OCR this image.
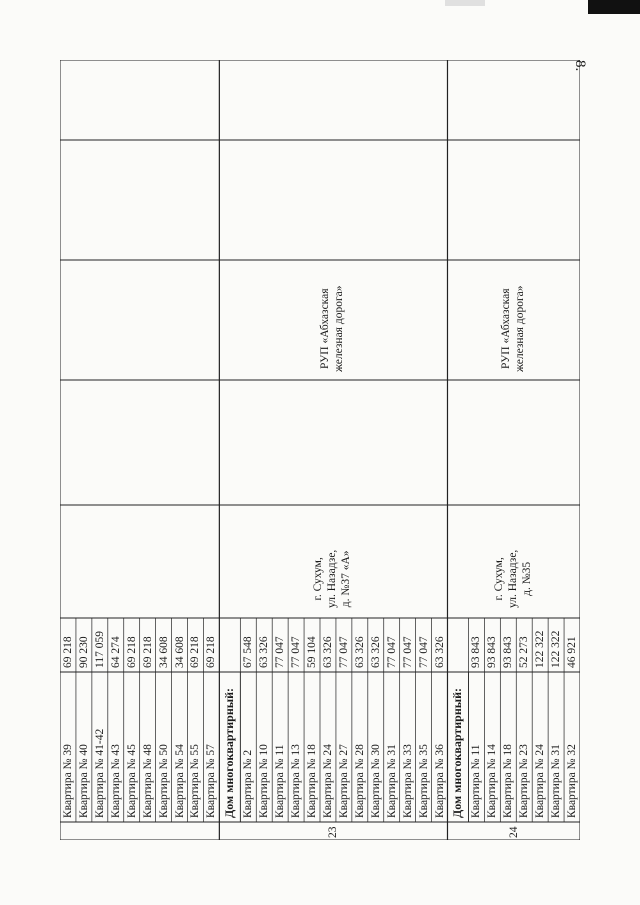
8.
Квартира № 39
69 218
Квартира № 40
90 230
Квартира № 41-42
117 059
Квартира № 43
64 274
Квартира № 45
69 218
Квартира № 48
69 218
Квартира № 50
34 608
Квартира № 54
34 608
Квартира № 55
69 218
Квартира № 57
69 218
Дом многоквартирный: Квартира № 2
67 548
Квартира № 10
63 326
Квартира № 11
77 047
Квартира № 13
77 047
Квартира № 18
59 104
Квартира № 24
63 326
Квартира № 27
77 047
Квартира № 28
63 326
Квартира № 30
63 326
Квартира № 31
77 047
Квартира № 33
77 047
Квартира № 35
77 047
Квартира № 36
63 326
23
г. Сухум, ул. Назадзе, д. №37 «А»
РУП «Абхазская железная дорога»
Дом многоквартирный: Квартира № 11
93 843
Квартира № 14
93 843
Квартира № 18
93 843
Квартира № 23
52 273
Квартира № 24
122 322
Квартира № 31
122 322
Квартира № 32
46 921
24
г. Сухум, ул. Назадзе, д. №35
РУП «Абхазская железная дорога»
